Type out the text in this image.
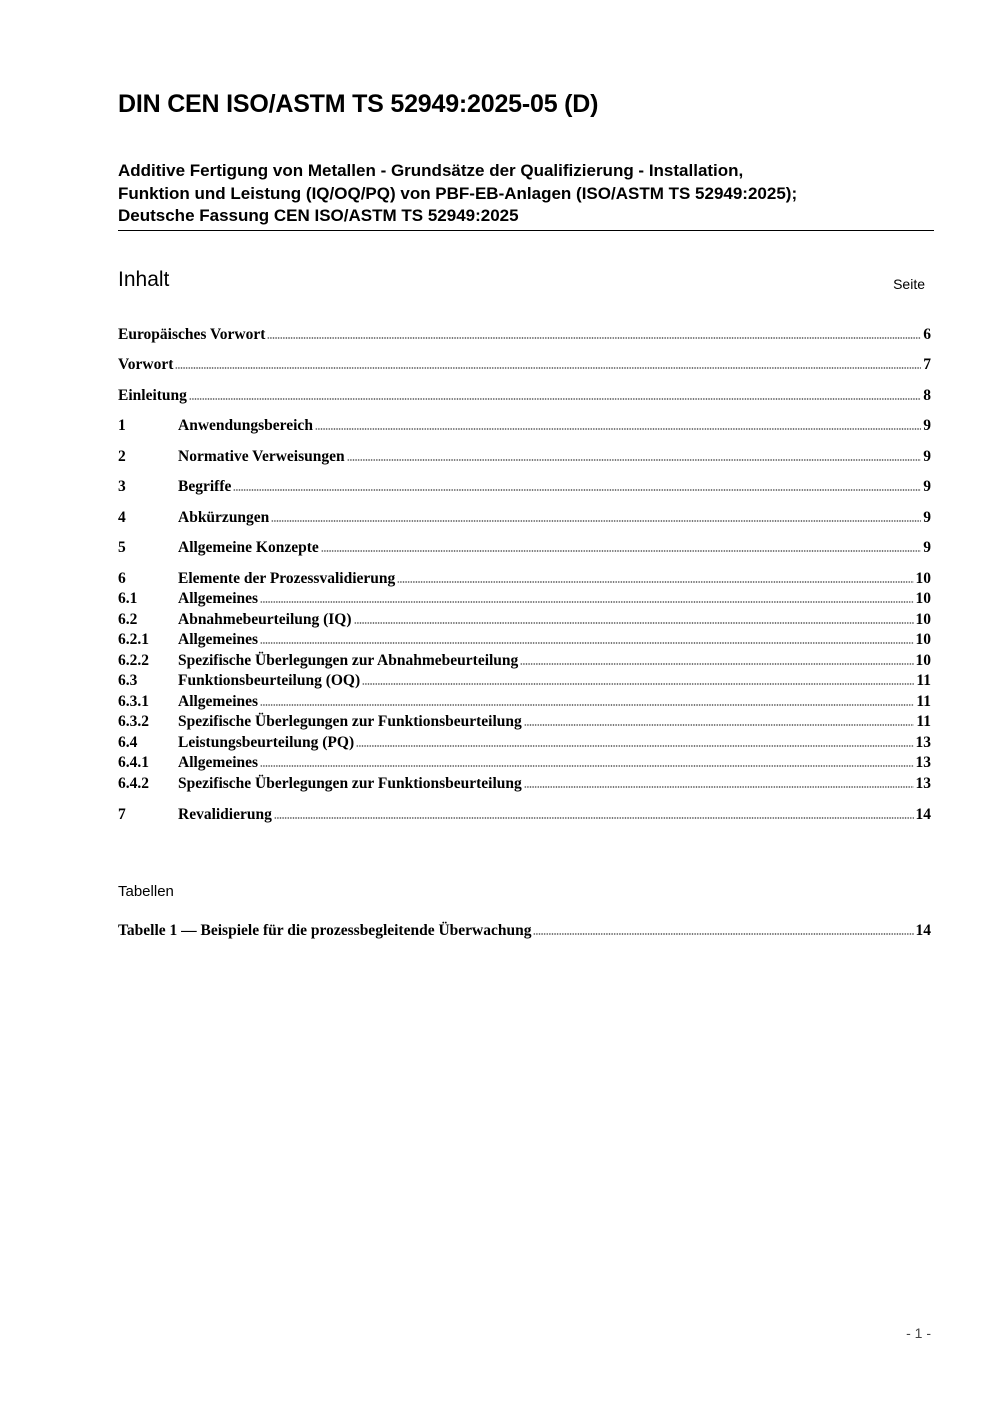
DIN CEN ISO/ASTM TS 52949:2025-05 (D)
Additive Fertigung von Metallen - Grundsätze der Qualifizierung - Installation,
Funktion und Leistung (IQ/OQ/PQ) von PBF-EB-Anlagen (ISO/ASTM TS 52949:2025);
Deutsche Fassung CEN ISO/ASTM TS 52949:2025
Inhalt	Seite
Europäisches Vorwort	6
Vorwort	7
Einleitung	8
1	Anwendungsbereich	9
2	Normative Verweisungen	9
3	Begriffe	9
4	Abkürzungen	9
5	Allgemeine Konzepte	9
6	Elemente der Prozessvalidierung	10
6.1	Allgemeines	10
6.2	Abnahmebeurteilung (IQ)	10
6.2.1	Allgemeines	10
6.2.2	Spezifische Überlegungen zur Abnahmebeurteilung	10
6.3	Funktionsbeurteilung (OQ)	11
6.3.1	Allgemeines	11
6.3.2	Spezifische Überlegungen zur Funktionsbeurteilung	11
6.4	Leistungsbeurteilung (PQ)	13
6.4.1	Allgemeines	13
6.4.2	Spezifische Überlegungen zur Funktionsbeurteilung	13
7	Revalidierung	14
Tabellen
Tabelle 1 — Beispiele für die prozessbegleitende Überwachung	14
- 1 -
